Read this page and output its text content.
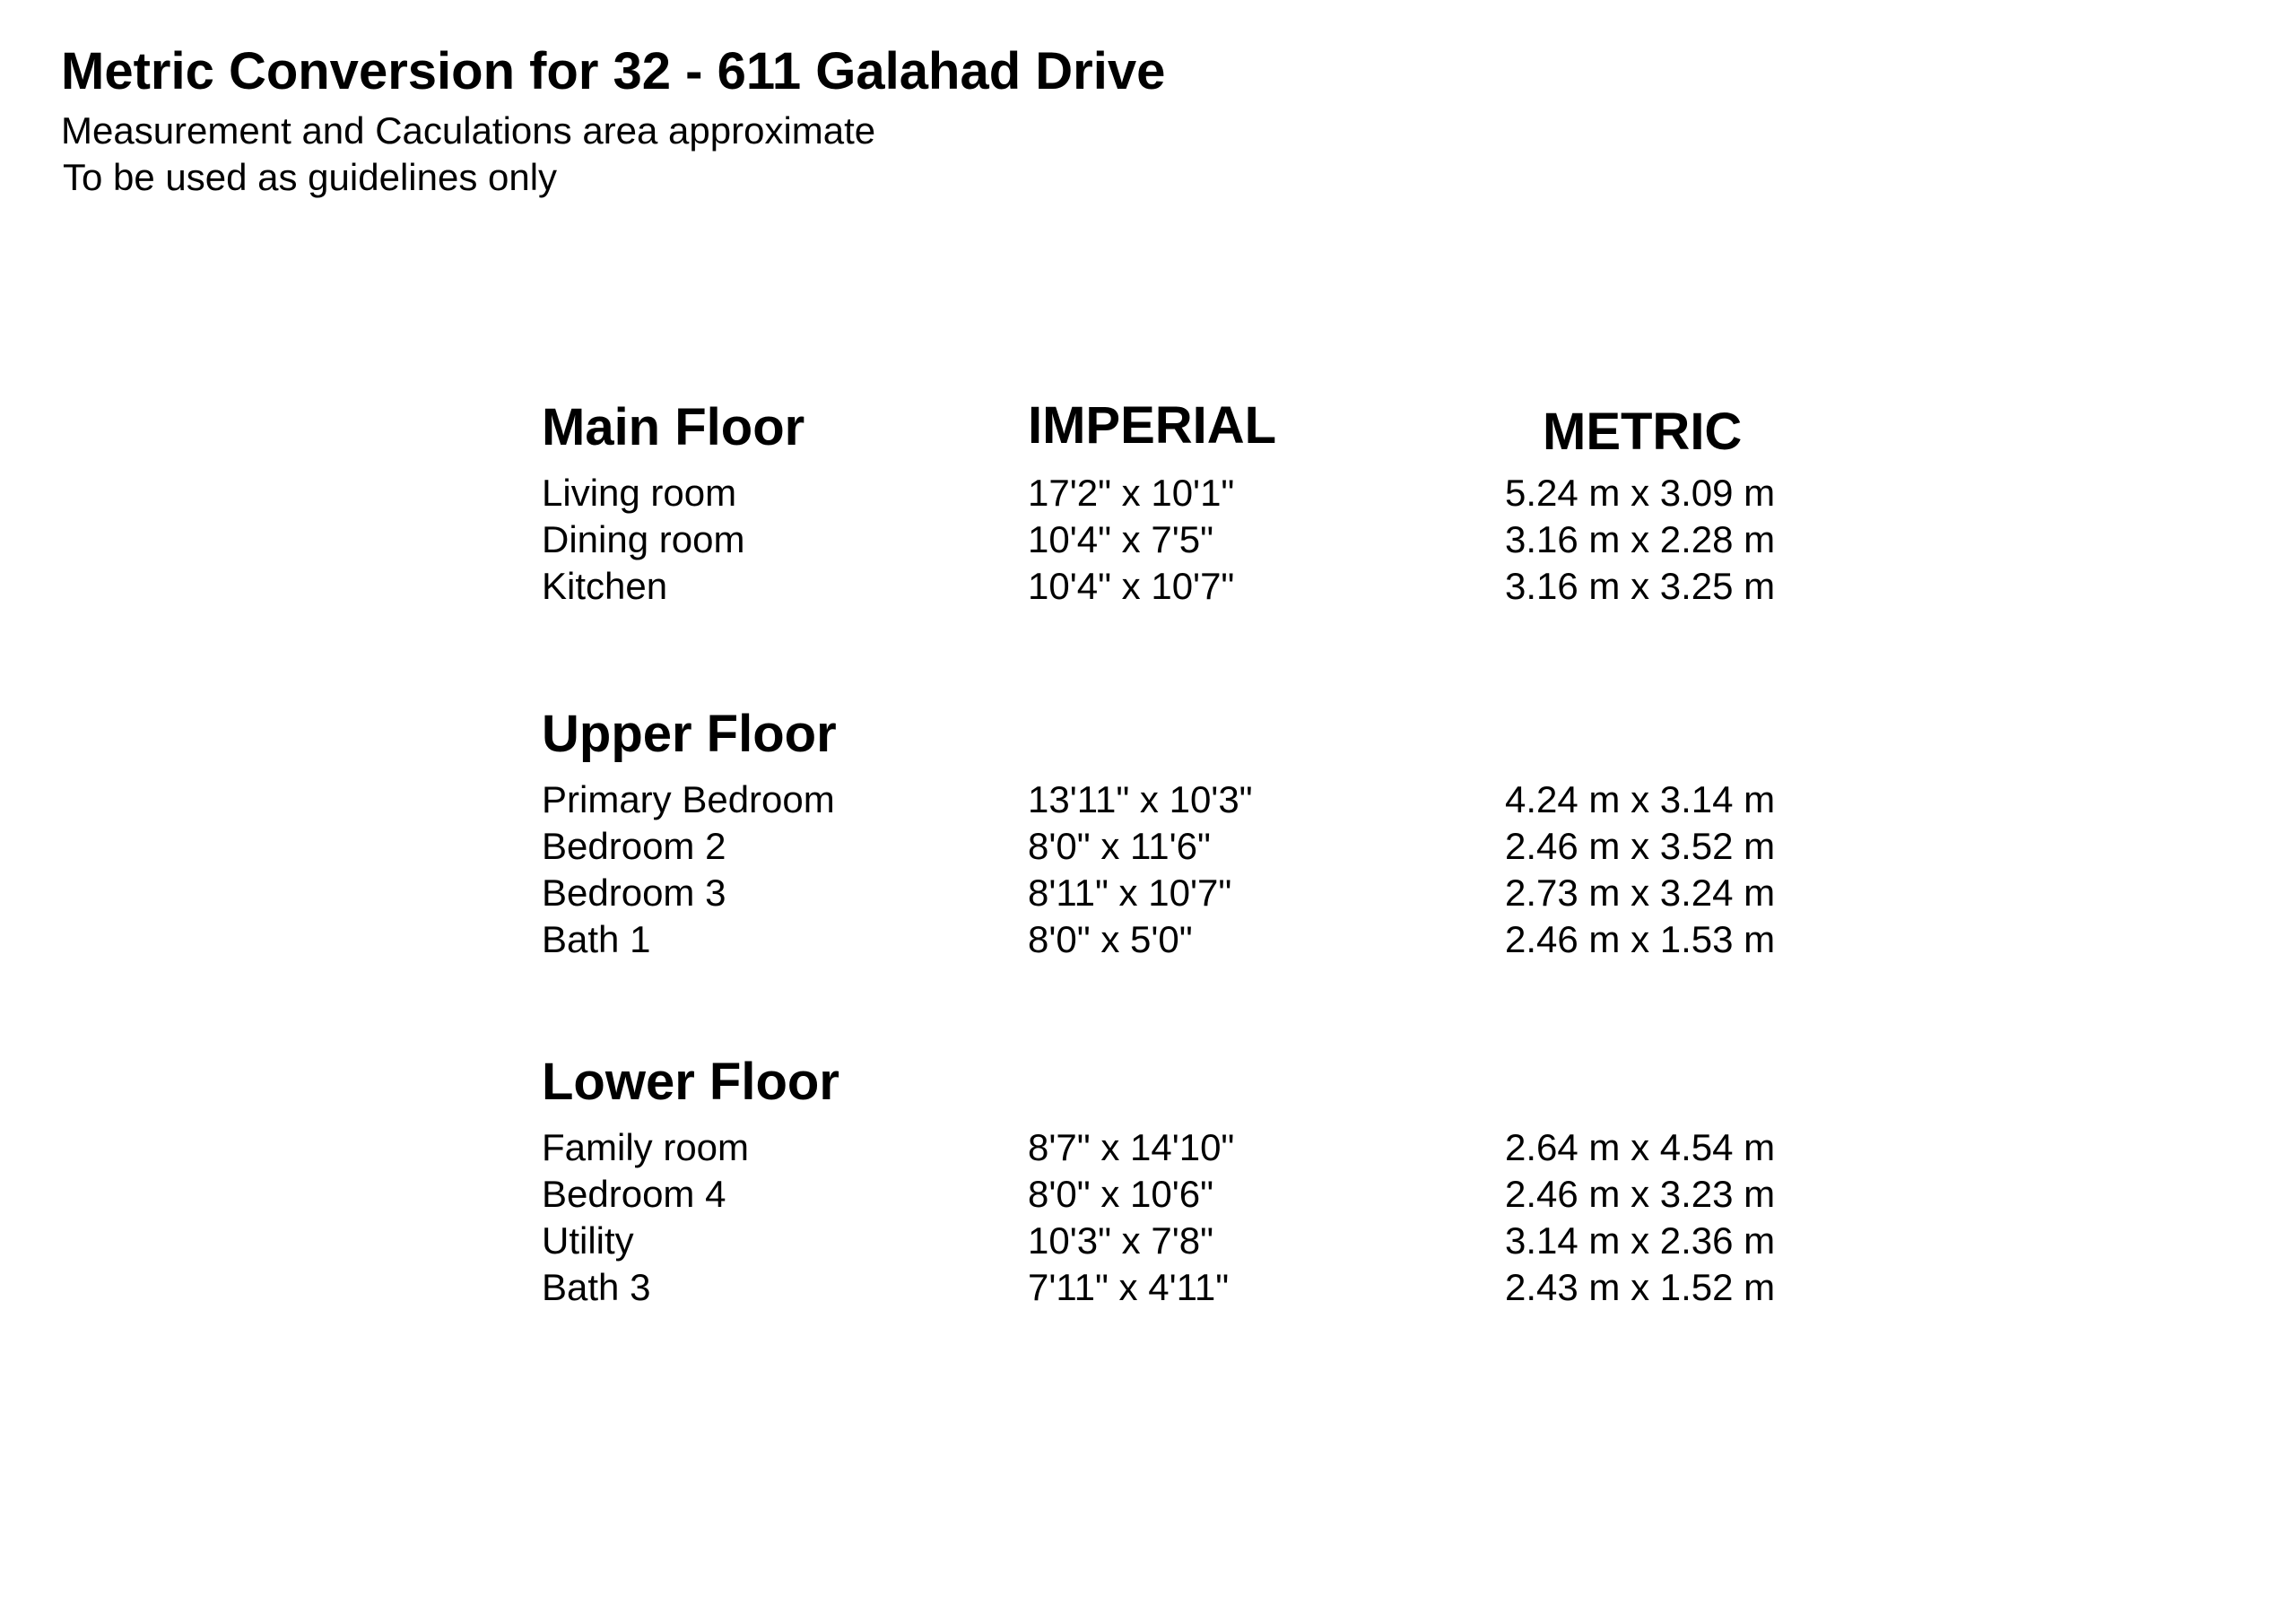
Metric Conversion for 32 - 611 Galahad Drive
Measurement and Caculations area approximate
To be used as guidelines only
IMPERIAL	METRIC
Main Floor
Living room	17'2" x 10'1"	5.24 m x 3.09 m
Dining room	10'4" x 7'5"	3.16 m x 2.28 m
Kitchen	10'4" x 10'7"	3.16 m x 3.25 m
Upper Floor
Primary Bedroom	13'11" x 10'3"	4.24 m x 3.14 m
Bedroom 2	8'0" x 11'6"	2.46 m x 3.52 m
Bedroom 3	8'11" x 10'7"	2.73 m x 3.24 m
Bath 1	8'0" x 5'0"	2.46 m x 1.53 m
Lower Floor
Family room	8'7" x 14'10"	2.64 m x 4.54 m
Bedroom 4	8'0" x 10'6"	2.46 m x 3.23 m
Utility	10'3" x 7'8"	3.14 m x 2.36 m
Bath 3	7'11" x 4'11"	2.43 m x 1.52 m
